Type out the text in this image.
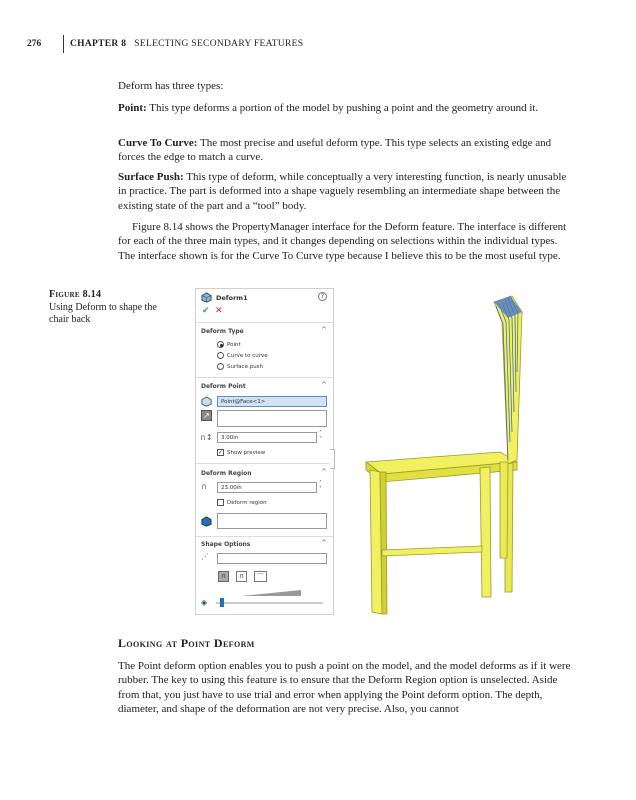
276	CHAPTER 8 SELECTING SECONDARY FEATURES

Deform has three types:

Point: This type deforms a portion of the model by pushing a point and the geometry around it.

Curve To Curve: The most precise and useful deform type. This type selects an existing edge and forces the edge to match a curve.

Surface Push: This type of deform, while conceptually a very interesting function, is nearly unusable in practice. The part is deformed into a shape vaguely resembling an intermediate shape between the existing state of the part and a “tool” body.

Figure 8.14 shows the PropertyManager interface for the Deform feature. The interface is different for each of the three main types, and it changes depending on selections within the individual types. The interface shown is for the Curve To Curve type because I believe this to be the most useful type.

Figure 8.14
Using Deform to shape the chair back
Deform1	?
✔ ✕
Deform Type	^
Point
Curve to curve
Surface push
Deform Point	^
Point@Face<1>
↗
∩↕	3.00in
˄
˅
✓ Show preview
Deform Region	^
∩	23.00in
˄
˅
Deform region
Shape Options	^
⋰
∩	∩	⌒
◈
Looking at Point Deform

The Point deform option enables you to push a point on the model, and the model deforms as if it were rubber. The key to using this feature is to ensure that the Deform Region option is unselected. Aside from that, you just have to use trial and error when applying the Point deform option. The depth, diameter, and shape of the deformation are not very precise. Also, you cannot
